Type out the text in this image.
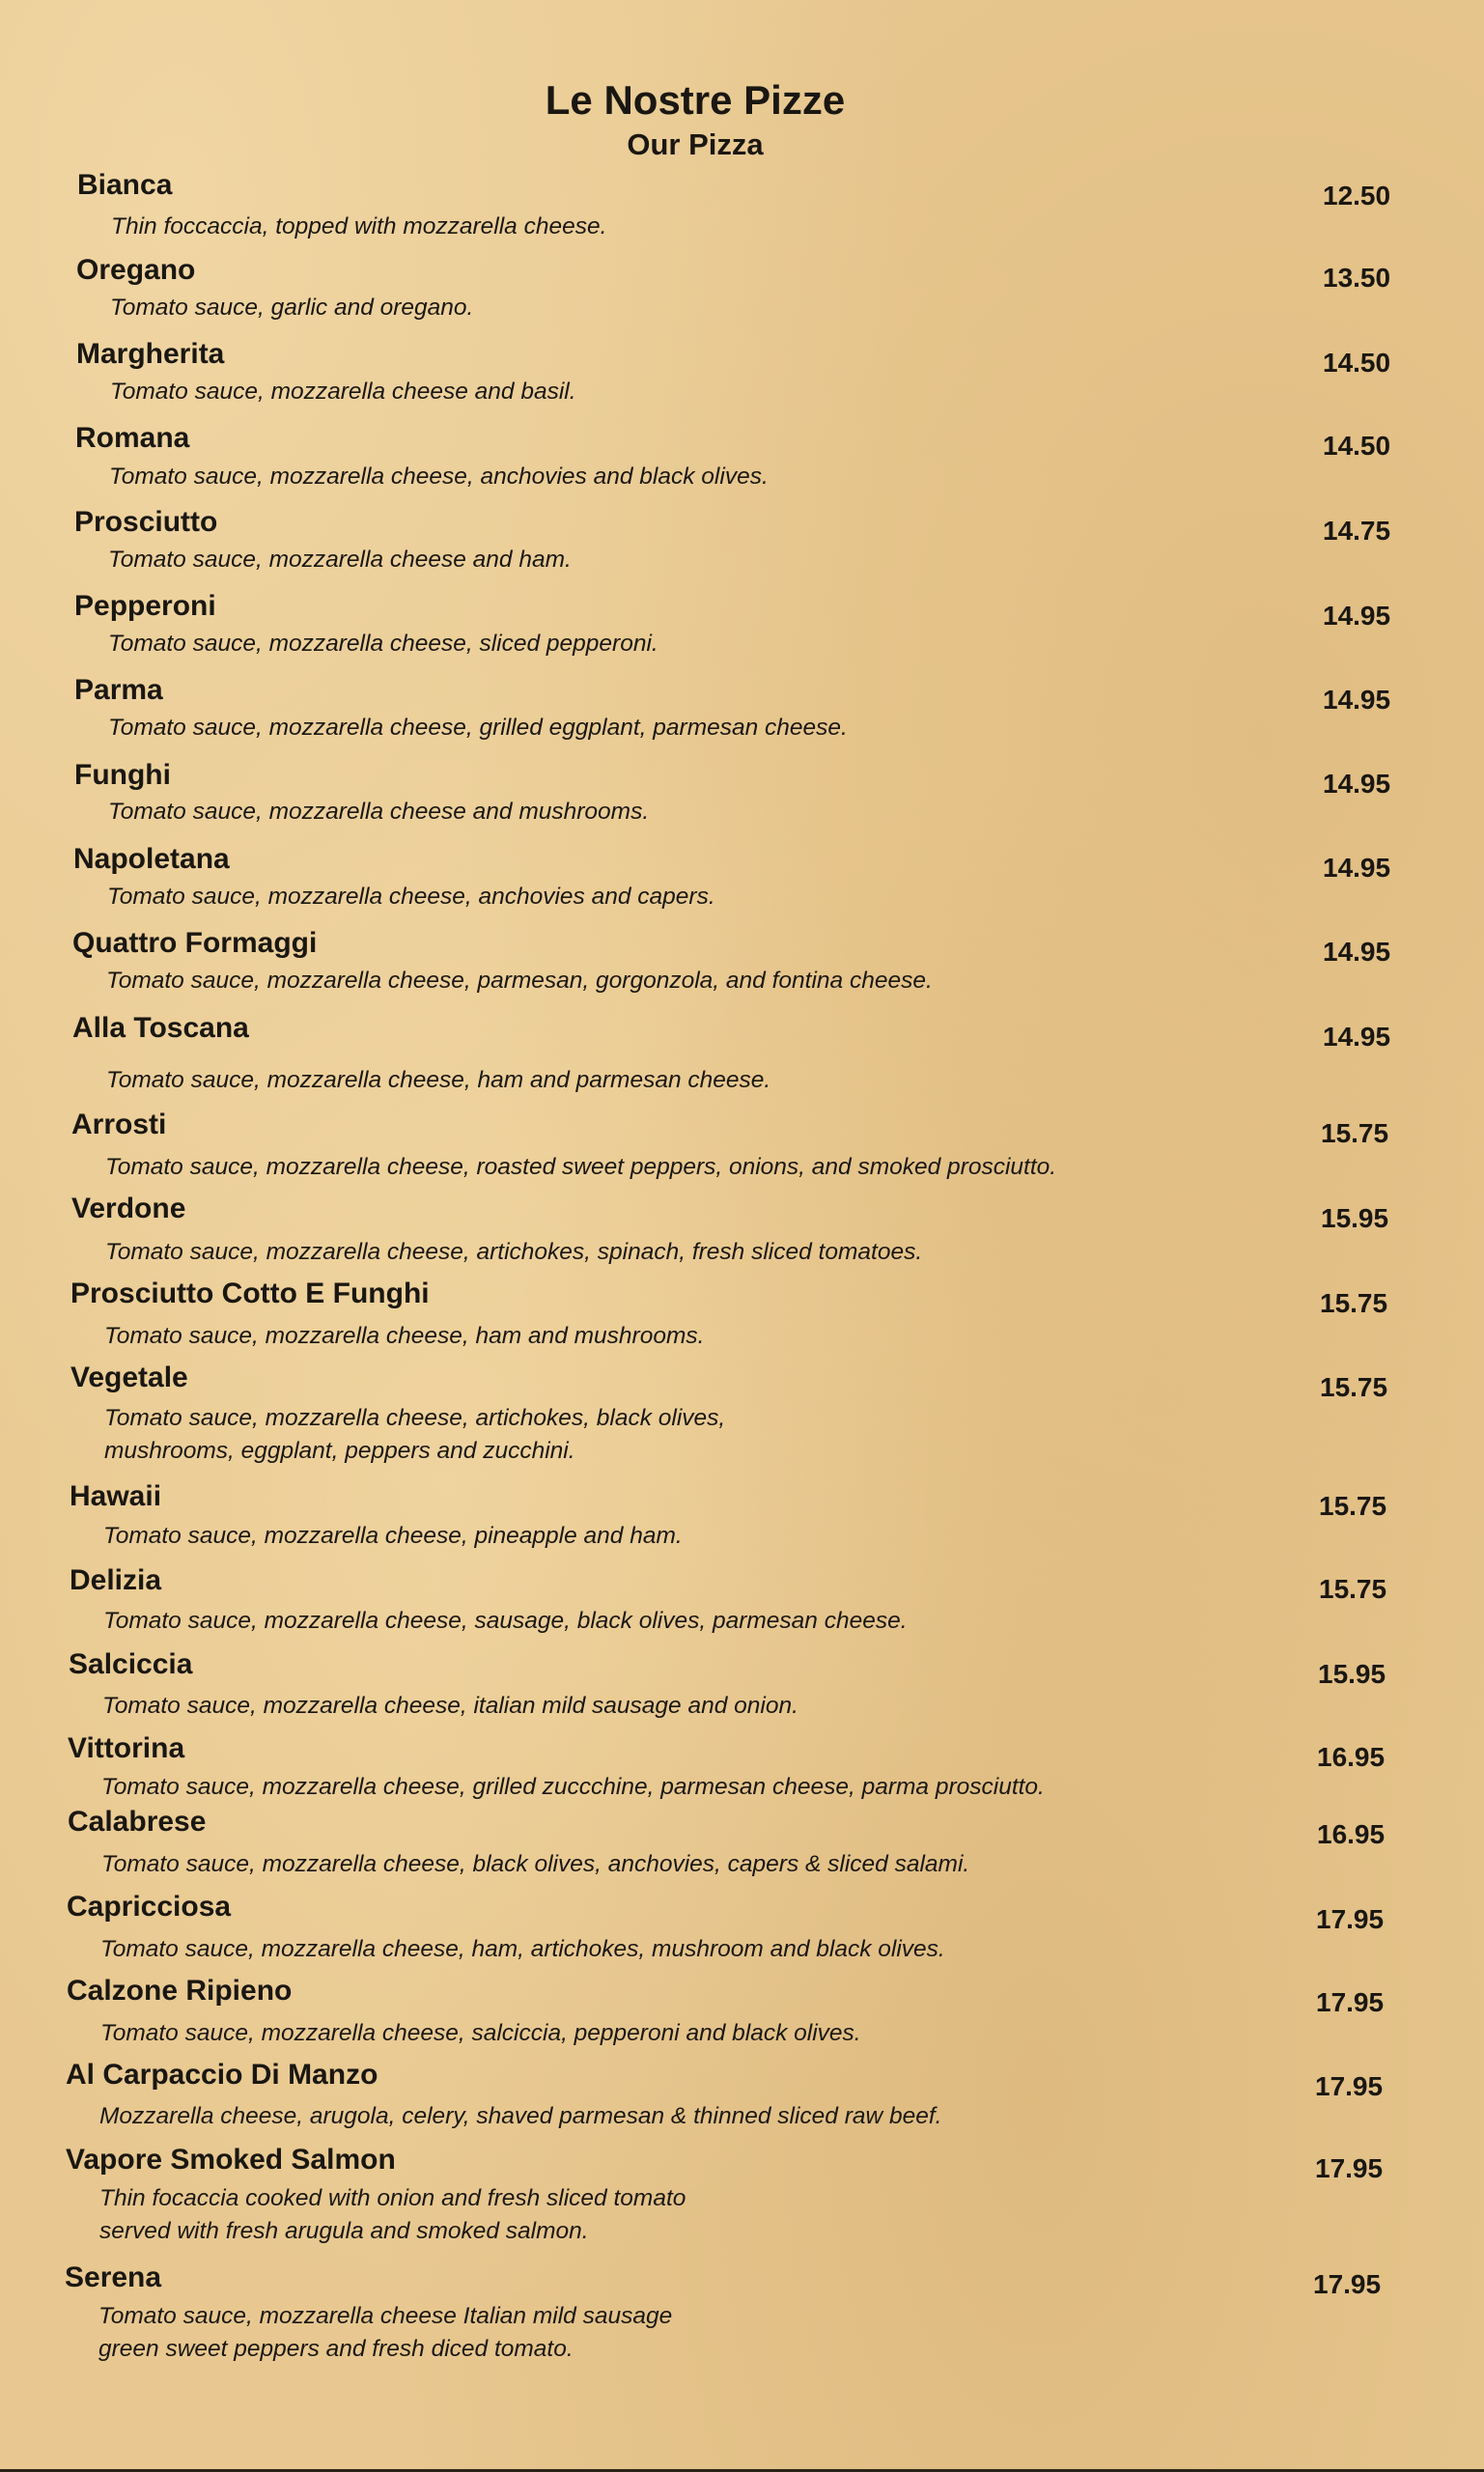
Le Nostre Pizze
Our Pizza
Bianca
Thin foccaccia, topped with mozzarella cheese.
12.50
Oregano
Tomato sauce, garlic and oregano.
13.50
Margherita
Tomato sauce, mozzarella cheese and basil.
14.50
Romana
Tomato sauce, mozzarella cheese, anchovies and black olives.
14.50
Prosciutto
Tomato sauce, mozzarella cheese and ham.
14.75
Pepperoni
Tomato sauce, mozzarella cheese, sliced pepperoni.
14.95
Parma
Tomato sauce, mozzarella cheese, grilled eggplant, parmesan cheese.
14.95
Funghi
Tomato sauce, mozzarella cheese and mushrooms.
14.95
Napoletana
Tomato sauce, mozzarella cheese, anchovies and capers.
14.95
Quattro Formaggi
Tomato sauce, mozzarella cheese, parmesan, gorgonzola, and fontina cheese.
14.95
Alla Toscana
Tomato sauce, mozzarella cheese, ham and parmesan cheese.
14.95
Arrosti
Tomato sauce, mozzarella cheese, roasted sweet peppers, onions, and smoked prosciutto.
15.75
Verdone
Tomato sauce, mozzarella cheese, artichokes, spinach, fresh sliced tomatoes.
15.95
Prosciutto Cotto E Funghi
Tomato sauce, mozzarella cheese, ham and mushrooms.
15.75
Vegetale
Tomato sauce, mozzarella cheese, artichokes, black olives,
mushrooms, eggplant, peppers and zucchini.
15.75
Hawaii
Tomato sauce, mozzarella cheese, pineapple and ham.
15.75
Delizia
Tomato sauce, mozzarella cheese, sausage, black olives, parmesan cheese.
15.75
Salciccia
Tomato sauce, mozzarella cheese, italian mild sausage and onion.
15.95
Vittorina
Tomato sauce, mozzarella cheese, grilled zuccchine, parmesan cheese, parma prosciutto.
16.95
Calabrese
Tomato sauce, mozzarella cheese, black olives, anchovies, capers & sliced salami.
16.95
Capricciosa
Tomato sauce, mozzarella cheese, ham, artichokes, mushroom and black olives.
17.95
Calzone Ripieno
Tomato sauce, mozzarella cheese, salciccia, pepperoni and black olives.
17.95
Al Carpaccio Di Manzo
Mozzarella cheese, arugola, celery, shaved parmesan & thinned sliced raw beef.
17.95
Vapore Smoked Salmon
Thin focaccia cooked with onion and fresh sliced tomato
served with fresh arugula and smoked salmon.
17.95
Serena
Tomato sauce, mozzarella cheese Italian mild sausage
green sweet peppers and fresh diced tomato.
17.95
